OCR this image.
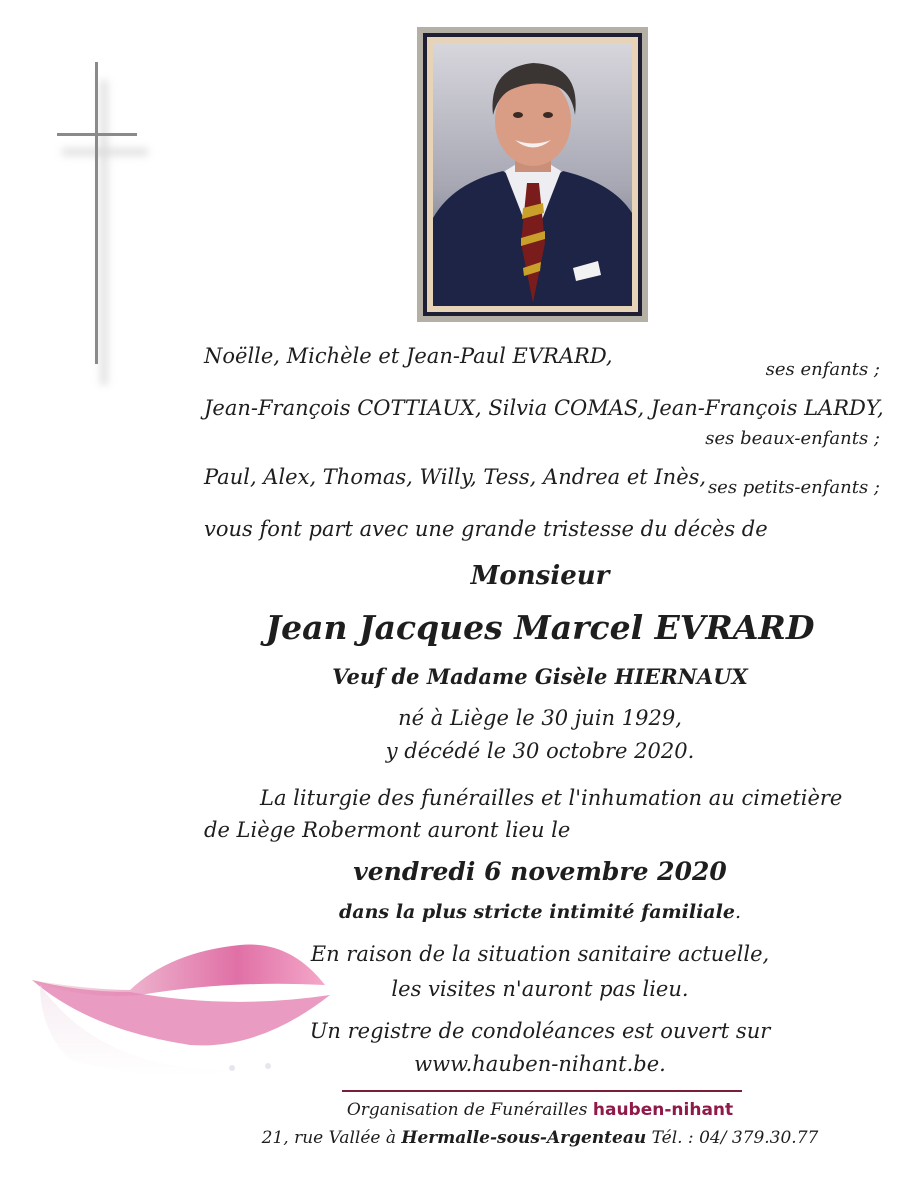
Noëlle, Michèle et Jean-Paul EVRARD,
ses enfants ;
Jean-François COTTIAUX, Silvia COMAS, Jean-François LARDY,
ses beaux-enfants ;
Paul, Alex, Thomas, Willy, Tess, Andrea et Inès, ses petits-enfants ;
vous font part avec une grande tristesse du décès de
Monsieur
Jean Jacques Marcel EVRARD
Veuf de Madame Gisèle HIERNAUX
né à Liège le 30 juin 1929,
y décédé le 30 octobre 2020.
La liturgie des funérailles et l'inhumation au cimetière
de Liège Robermont auront lieu le
vendredi 6 novembre 2020
dans la plus stricte intimité familiale.
En raison de la situation sanitaire actuelle,
les visites n'auront pas lieu.
Un registre de condoléances est ouvert sur
www.hauben-nihant.be.
Organisation de Funérailles hauben-nihant
21, rue Vallée à Hermalle-sous-Argenteau Tél. : 04/ 379.30.77
